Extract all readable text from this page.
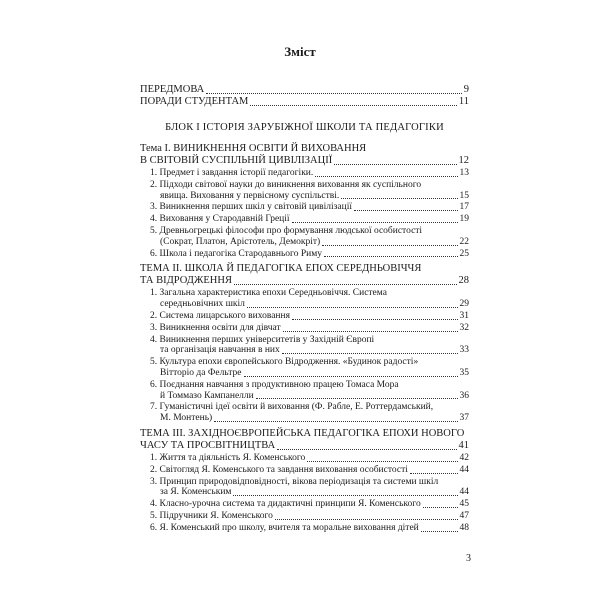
Зміст
ПЕРЕДМОВА	9
ПОРАДИ СТУДЕНТАМ	11
БЛОК І ІСТОРІЯ ЗАРУБІЖНОЇ ШКОЛИ ТА ПЕДАГОГІКИ
Тема І. ВИНИКНЕННЯ ОСВІТИ Й ВИХОВАННЯ
В СВІТОВІЙ СУСПІЛЬНІЙ ЦИВІЛІЗАЦІЇ	12
1. Предмет і завдання історії педагогіки.	13
2. Підходи світової науки до виникнення виховання як суспільного
явища. Виховання у первісному суспільстві.	15
3. Виникнення перших шкіл у світовій цивілізації	17
4. Виховання у Стародавній Греції	19
5. Древньогрецькі філософи про формування людської особистості
(Сократ, Платон, Арістотель, Демокріт)	22
6. Школа і педагогіка Стародавнього Риму	25
ТЕМА ІІ. ШКОЛА Й ПЕДАГОГІКА ЕПОХ СЕРЕДНЬОВІЧЧЯ
ТА ВІДРОДЖЕННЯ	28
1. Загальна характеристика епохи Середньовіччя. Система
середньовічних шкіл	29
2. Система лицарського виховання	31
3. Виникнення освіти для дівчат	32
4. Виникнення перших університетів у Західній Європі
та організація навчання в них	33
5. Культура епохи європейського Відродження. «Будинок радості»
Вітторіо да Фельтре	35
6. Поєднання навчання з продуктивною працею Томаса Мора
й Томмазо Кампанелли	36
7. Гуманістичні ідеї освіти й виховання (Ф. Рабле, Е. Роттердамський,
М. Монтень)	37
ТЕМА ІІІ. ЗАХІДНОЄВРОПЕЙСЬКА ПЕДАГОГІКА ЕПОХИ НОВОГО
ЧАСУ ТА ПРОСВІТНИЦТВА	41
1. Життя та діяльність Я. Коменського	42
2. Світогляд Я. Коменського та завдання виховання особистості	44
3. Принцип природовідповідності, вікова періодизація та системи шкіл
за Я. Коменським	44
4. Класно-урочна система та дидактичні принципи Я. Коменського	45
5. Підручники Я. Коменського	47
6. Я. Коменський про школу, вчителя та моральне виховання дітей	48
3
